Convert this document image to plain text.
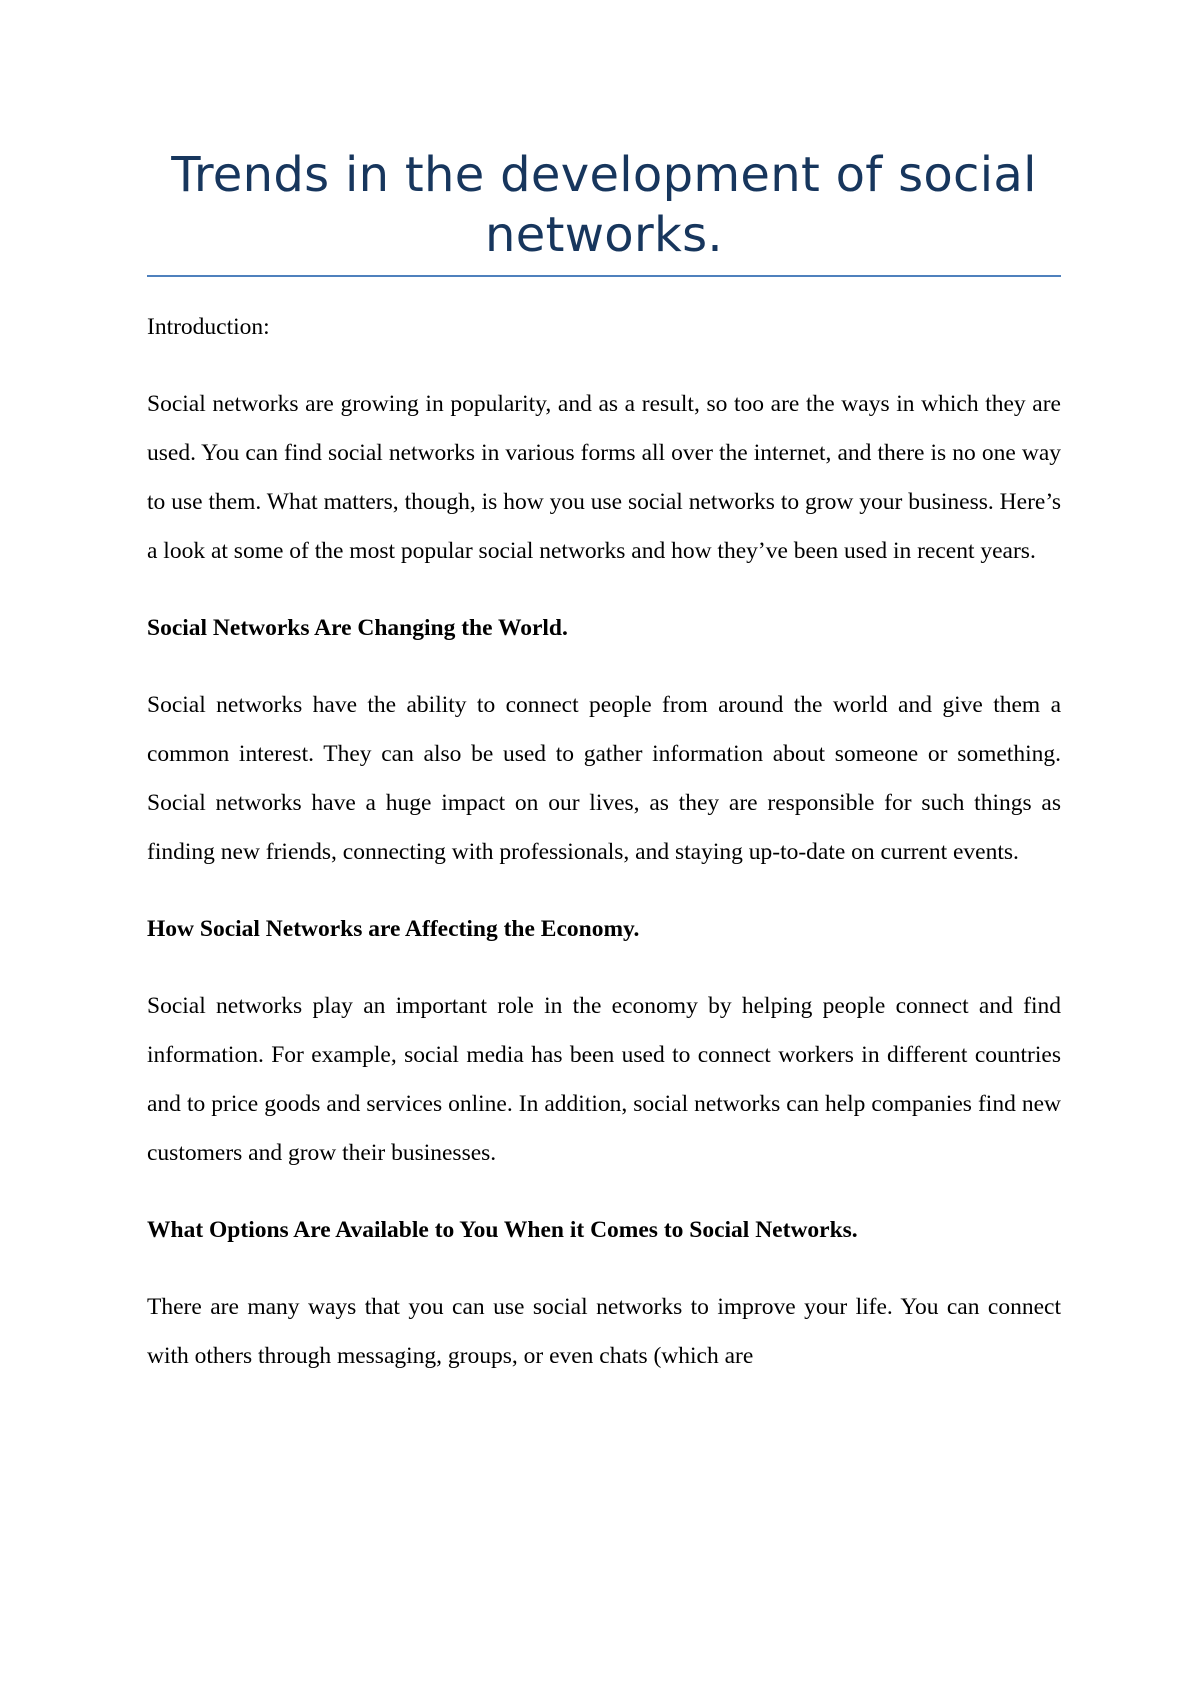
Trends in the development of social networks.

Introduction:

Social networks are growing in popularity, and as a result, so too are the ways in which they are used. You can find social networks in various forms all over the internet, and there is no one way to use them. What matters, though, is how you use social networks to grow your business. Here’s a look at some of the most popular social networks and how they’ve been used in recent years.

Social Networks Are Changing the World.

Social networks have the ability to connect people from around the world and give them a common interest. They can also be used to gather information about someone or something. Social networks have a huge impact on our lives, as they are responsible for such things as finding new friends, connecting with professionals, and staying up-to-date on current events.

How Social Networks are Affecting the Economy.

Social networks play an important role in the economy by helping people connect and find information. For example, social media has been used to connect workers in different countries and to price goods and services online. In addition, social networks can help companies find new customers and grow their businesses.

What Options Are Available to You When it Comes to Social Networks.

There are many ways that you can use social networks to improve your life. You can connect with others through messaging, groups, or even chats (which are
